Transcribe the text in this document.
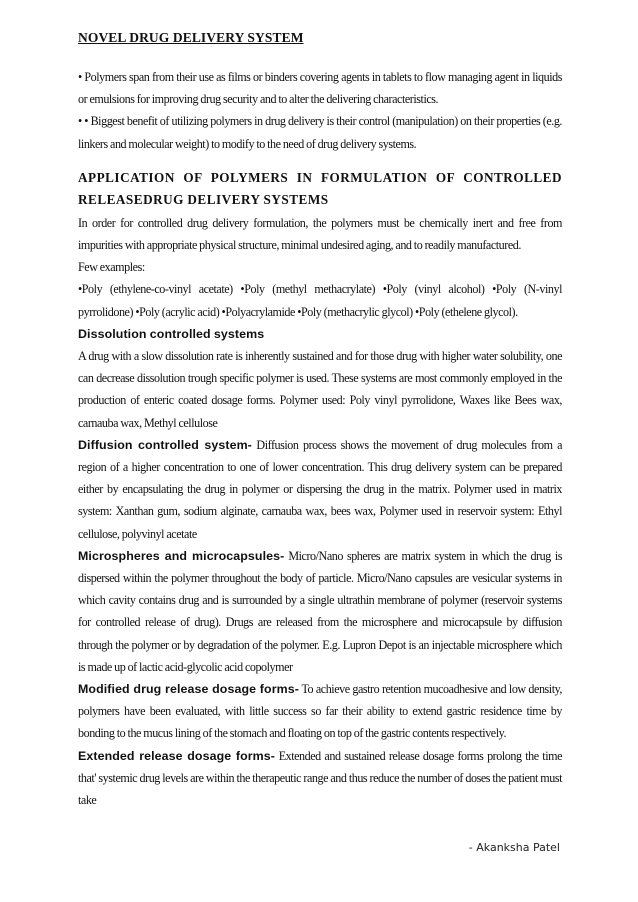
NOVEL DRUG DELIVERY SYSTEM

• Polymers span from their use as films or binders covering agents in tablets to flow managing agent in liquids or emulsions for improving drug security and to alter the delivering characteristics.

• • Biggest benefit of utilizing polymers in drug delivery is their control (manipulation) on their properties (e.g. linkers and molecular weight) to modify to the need of drug delivery systems.

APPLICATION OF POLYMERS IN FORMULATION OF CONTROLLED RELEASEDRUG DELIVERY SYSTEMS

In order for controlled drug delivery formulation, the polymers must be chemically inert and free from impurities with appropriate physical structure, minimal undesired aging, and to readily manufactured.

Few examples:

•Poly (ethylene-co-vinyl acetate) •Poly (methyl methacrylate) •Poly (vinyl alcohol) •Poly (N-vinyl pyrrolidone) •Poly (acrylic acid) •Polyacrylamide •Poly (methacrylic glycol) •Poly (ethelene glycol).

Dissolution controlled systems

A drug with a slow dissolution rate is inherently sustained and for those drug with higher water solubility, one can decrease dissolution trough specific polymer is used. These systems are most commonly employed in the production of enteric coated dosage forms. Polymer used: Poly vinyl pyrrolidone, Waxes like Bees wax, carnauba wax, Methyl cellulose

Diffusion controlled system- Diffusion process shows the movement of drug molecules from a region of a higher concentration to one of lower concentration. This drug delivery system can be prepared either by encapsulating the drug in polymer or dispersing the drug in the matrix. Polymer used in matrix system: Xanthan gum, sodium alginate, carnauba wax, bees wax, Polymer used in reservoir system: Ethyl cellulose, polyvinyl acetate

Microspheres and microcapsules- Micro/Nano spheres are matrix system in which the drug is dispersed within the polymer throughout the body of particle. Micro/Nano capsules are vesicular systems in which cavity contains drug and is surrounded by a single ultrathin membrane of polymer (reservoir systems for controlled release of drug). Drugs are released from the microsphere and microcapsule by diffusion through the polymer or by degradation of the polymer. E.g. Lupron Depot is an injectable microsphere which is made up of lactic acid-glycolic acid copolymer

Modified drug release dosage forms- To achieve gastro retention mucoadhesive and low density, polymers have been evaluated, with little success so far their ability to extend gastric residence time by bonding to the mucus lining of the stomach and floating on top of the gastric contents respectively.

Extended release dosage forms- Extended and sustained release dosage forms prolong the time that' systemic drug levels are within the therapeutic range and thus reduce the number of doses the patient must take

- Akanksha Patel
